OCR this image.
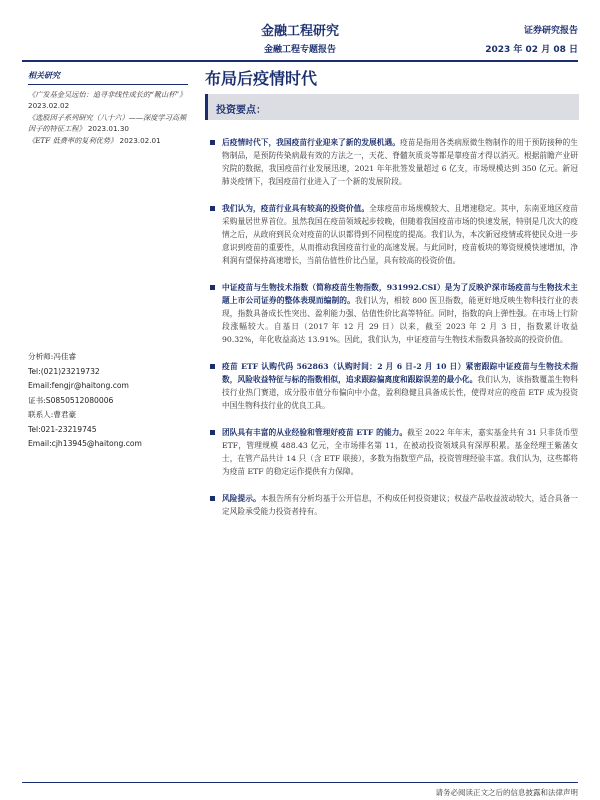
金融工程研究
金融工程专题报告
证券研究报告
2023 年 02 月 08 日
相关研究
《广发基金吴远怡：追寻非线性成长的“靴山杯”》 2023.02.02
《选股因子系列研究（八十六）——深度学习高频因子的特征工程》 2023.01.30
《ETF 低费率的复利优势》 2023.02.01
分析师:冯佳睿
Tel:(021)23219732
Email:fengjr@haitong.com
证书:S0850512080006
联系人:曹君豪
Tel:021-23219745
Email:cjh13945@haitong.com
布局后疫情时代
投资要点：
后疫情时代下，我国疫苗行业迎来了新的发展机遇。疫苗是指用各类病原微生物制作的用于预防接种的生物制品，是预防传染病最有效的方法之一，天花、脊髓灰质炎等都是靠疫苗才得以消灭。根据前瞻产业研究院的数据，我国疫苗行业发展迅速，2021 年年批签发量超过 6 亿支，市场规模达到 350 亿元。新冠肺炎疫情下，我国疫苗行业进入了一个新的发展阶段。
我们认为，疫苗行业具有较高的投资价值。全球疫苗市场规模较大、且增速稳定。其中，东南亚地区疫苗采购量居世界首位。虽然我国在疫苗领域起步较晚，但随着我国疫苗市场的快速发展，特别是几次大的疫情之后，从政府到民众对疫苗的认识都得到不同程度的提高。我们认为，本次新冠疫情或将使民众进一步意识到疫苗的重要性，从而推动我国疫苗行业的高速发展。与此同时，疫苗板块的筹资规模快速增加，净利润有望保持高速增长，当前估值性价比凸显，具有较高的投资价值。
中证疫苗与生物技术指数（简称疫苗生物指数，931992.CSI）是为了反映沪深市场疫苗与生物技术主题上市公司证券的整体表现而编制的。我们认为，相较 800 医卫指数，能更好地反映生物科技行业的表现，指数具备成长性突出、盈利能力强、估值性价比高等特征。同时，指数的向上弹性强。在市场上行阶段涨幅较大。自基日（2017 年 12 月 29 日）以来，截至 2023 年 2 月 3 日，指数累计收益 90.32%，年化收益高达 13.91%。因此，我们认为，中证疫苗与生物技术指数具备较高的投资价值。
疫苗 ETF 认购代码 562863（认购时间：2 月 6 日-2 月 10 日）紧密跟踪中证疫苗与生物技术指数，风险收益特征与标的指数相似，追求跟踪偏离度和跟踪误差的最小化。我们认为，该指数覆盖生物科技行业热门赛道，成分股市值分布偏向中小盘，盈利稳健且具备成长性，使得对应的疫苗 ETF 成为投资中国生物科技行业的优良工具。
团队具有丰富的从业经验和管理好疫苗 ETF 的能力。截至 2022 年年末，嘉实基金共有 31 只非货币型 ETF，管理规模 488.43 亿元，全市场排名第 11，在被动投资领域具有深厚积累。基金经理王紫菡女士，在管产品共计 14 只（含 ETF 联接），多数为指数型产品，投资管理经验丰富。我们认为，这些都将为疫苗 ETF 的稳定运作提供有力保障。
风险提示。本报告所有分析均基于公开信息，不构成任何投资建议；权益产品收益波动较大，适合具备一定风险承受能力投资者持有。
请务必阅读正文之后的信息披露和法律声明
